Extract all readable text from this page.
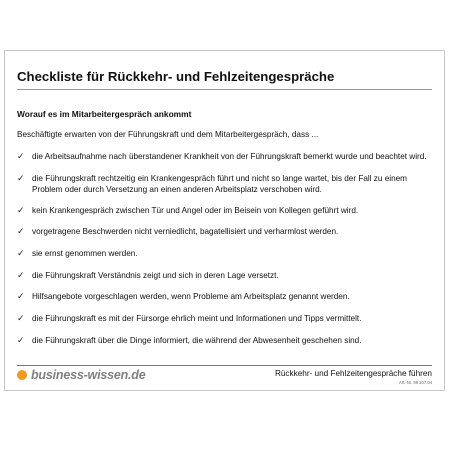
Checkliste für Rückkehr- und Fehlzeitengespräche
Worauf es im Mitarbeitergespräch ankommt
Beschäftigte erwarten von der Führungskraft und dem Mitarbeitergespräch, dass ...
✓ die Arbeitsaufnahme nach überstandener Krankheit von der Führungskraft bemerkt wurde und beachtet wird.
✓ die Führungskraft rechtzeitig ein Krankengespräch führt und nicht so lange wartet, bis der Fall zu einem Problem oder durch Versetzung an einen anderen Arbeitsplatz verschoben wird.
✓ kein Krankengespräch zwischen Tür und Angel oder im Beisein von Kollegen geführt wird.
✓ vorgetragene Beschwerden nicht verniedlicht, bagatellisiert und verharmlost werden.
✓ sie ernst genommen werden.
✓ die Führungskraft Verständnis zeigt und sich in deren Lage versetzt.
✓ Hilfsangebote vorgeschlagen werden, wenn Probleme am Arbeitsplatz genannt werden.
✓ die Führungskraft es mit der Fürsorge ehrlich meint und Informationen und Tipps vermittelt.
✓ die Führungskraft über die Dinge informiert, die während der Abwesenheit geschehen sind.
business-wissen.de	Rückkehr- und Fehlzeitengespräche führen
Art.-Nr. 99 107.04
